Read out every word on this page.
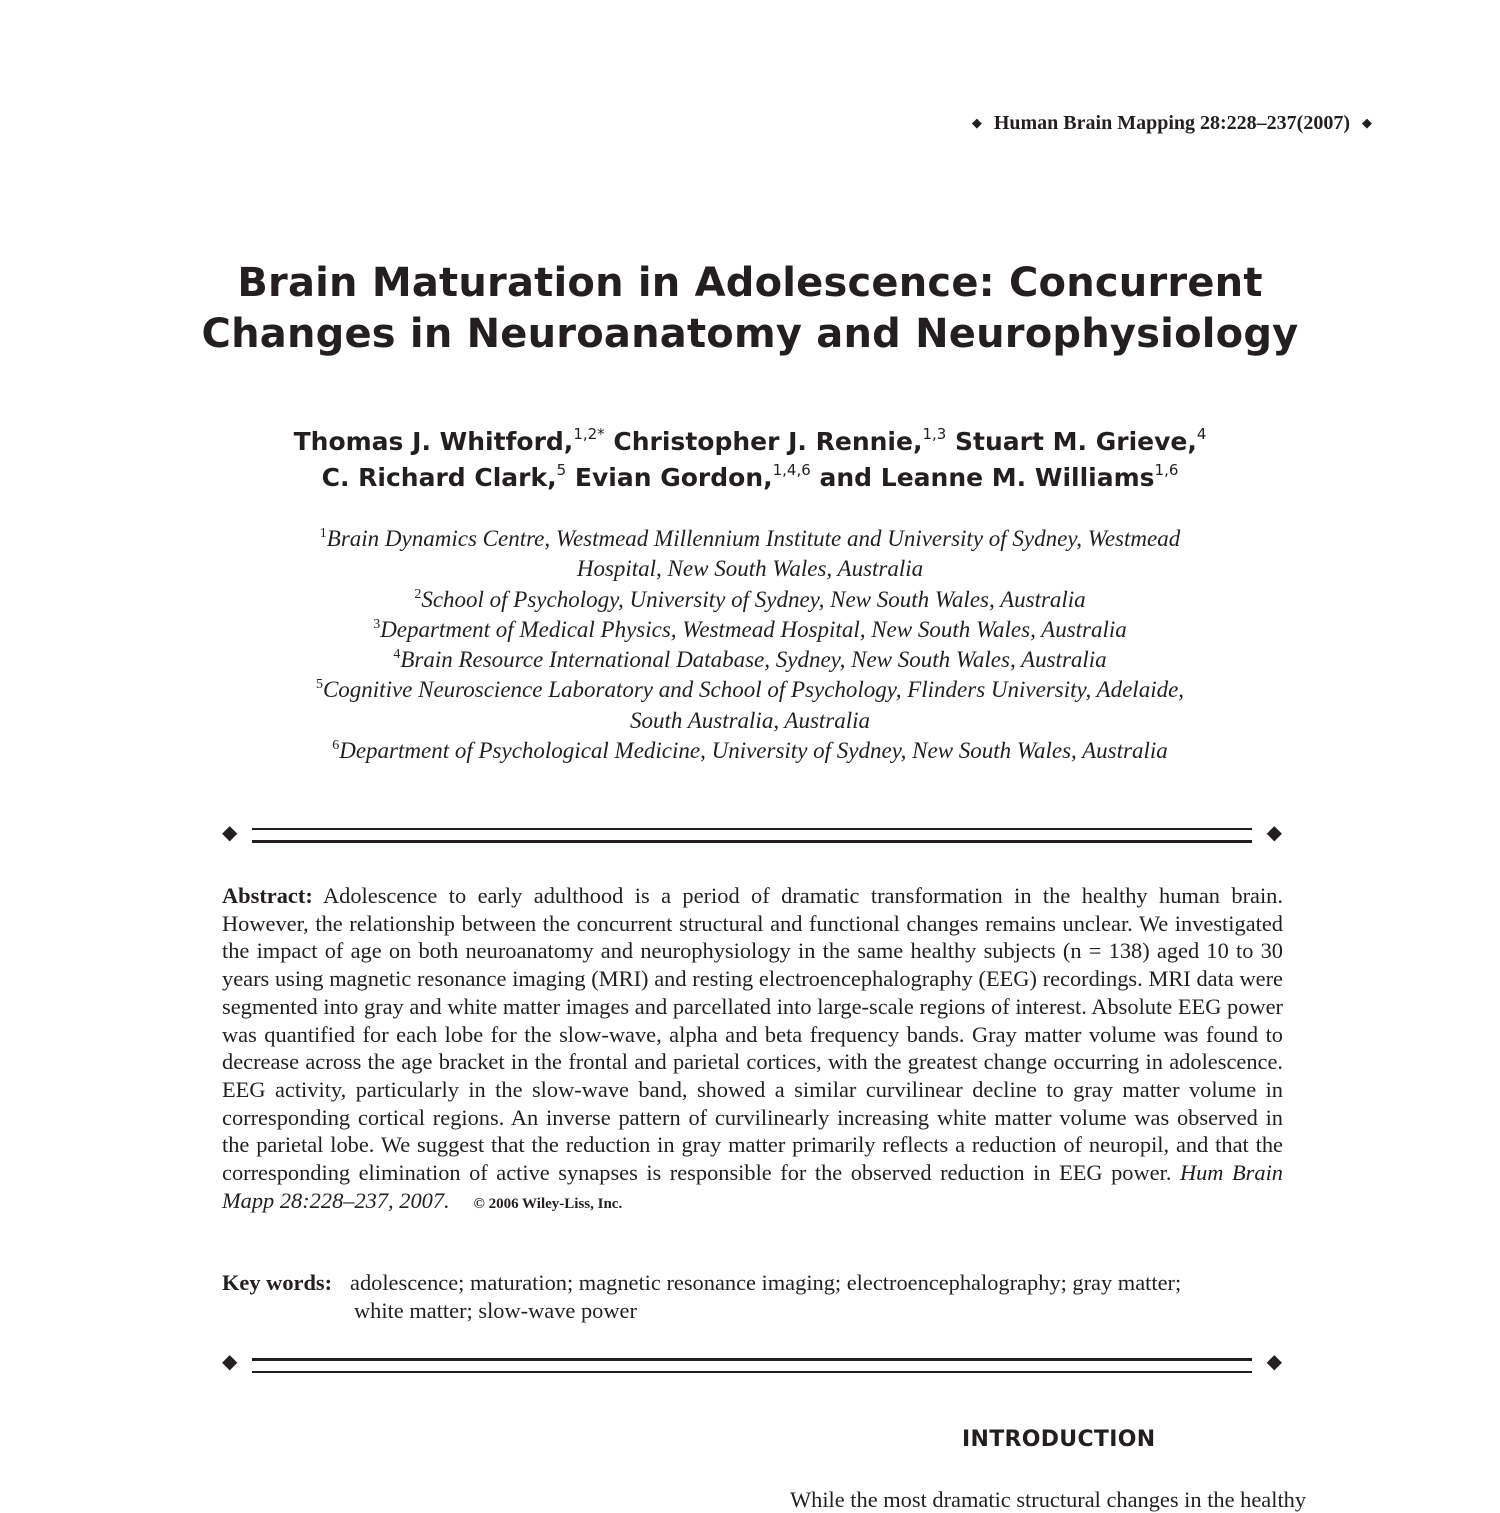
◆ Human Brain Mapping 28:228–237(2007) ◆
Brain Maturation in Adolescence: Concurrent
Changes in Neuroanatomy and Neurophysiology
Thomas J. Whitford,$^{1,2*}$ Christopher J. Rennie,$^{1,3}$ Stuart M. Grieve,$^4$
C. Richard Clark,$^5$ Evian Gordon,$^{1,4,6}$ and Leanne M. Williams$^{1,6}$
$^1$Brain Dynamics Centre, Westmead Millennium Institute and University of Sydney, Westmead
Hospital, New South Wales, Australia
$^2$School of Psychology, University of Sydney, New South Wales, Australia
$^3$Department of Medical Physics, Westmead Hospital, New South Wales, Australia
$^4$Brain Resource International Database, Sydney, New South Wales, Australia
$^5$Cognitive Neuroscience Laboratory and School of Psychology, Flinders University, Adelaide,
South Australia, Australia
$^6$Department of Psychological Medicine, University of Sydney, New South Wales, Australia
◆	◆
Abstract: Adolescence to early adulthood is a period of dramatic transformation in the healthy human brain. However, the relationship between the concurrent structural and functional changes remains unclear. We investigated the impact of age on both neuroanatomy and neurophysiology in the same healthy subjects (n = 138) aged 10 to 30 years using magnetic resonance imaging (MRI) and resting electroencephalography (EEG) recordings. MRI data were segmented into gray and white matter images and parcellated into large-scale regions of interest. Absolute EEG power was quantified for each lobe for the slow-wave, alpha and beta frequency bands. Gray matter volume was found to decrease across the age bracket in the frontal and parietal cortices, with the greatest change occurring in adolescence. EEG activity, particularly in the slow-wave band, showed a similar curvilinear decline to gray matter volume in corresponding cortical regions. An inverse pattern of curvilinearly increasing white matter volume was observed in the parietal lobe. We suggest that the reduction in gray matter primarily reflects a reduction of neuropil, and that the corresponding elimination of active synapses is responsible for the observed reduction in EEG power. Hum Brain Mapp 28:228–237, 2007. © 2006 Wiley-Liss, Inc.
Key words: adolescence; maturation; magnetic resonance imaging; electroencephalography; gray matter;
white matter; slow-wave power
◆	◆
INTRODUCTION
While the most dramatic structural changes in the healthy
